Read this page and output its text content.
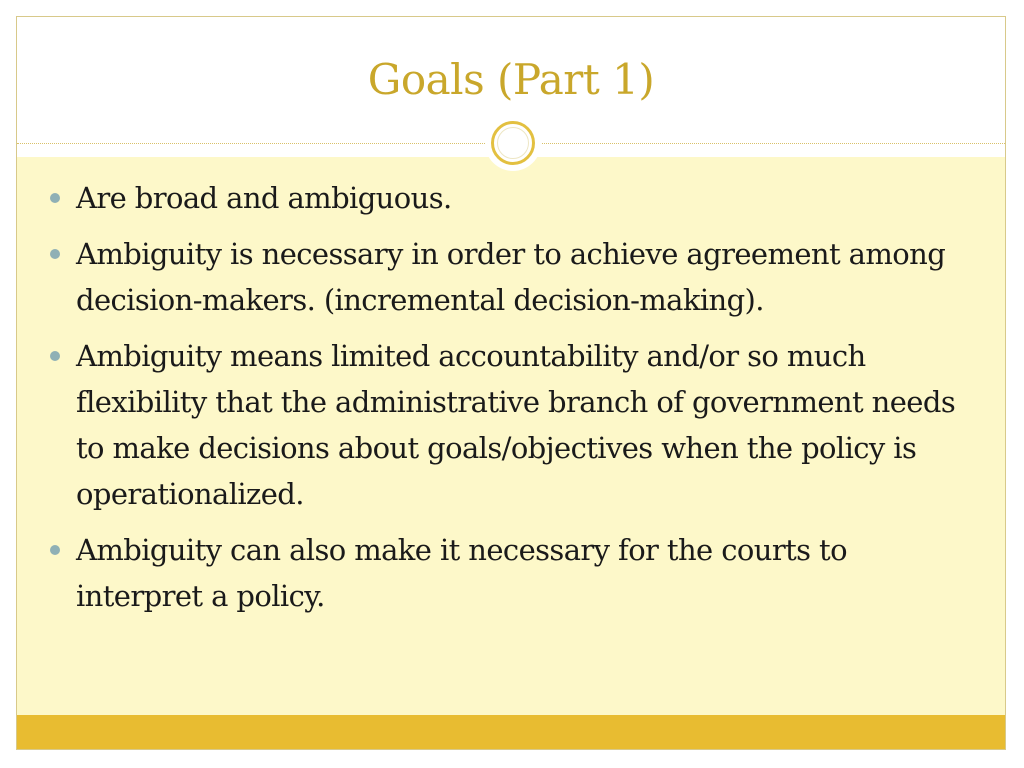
Goals (Part 1)
Are broad and ambiguous.
Ambiguity is necessary in order to achieve agreement among decision-makers. (incremental decision-making).
Ambiguity means limited accountability and/or so much flexibility that the administrative branch of government needs to make decisions about goals/objectives when the policy is operationalized.
Ambiguity can also make it necessary for the courts to interpret a policy.
